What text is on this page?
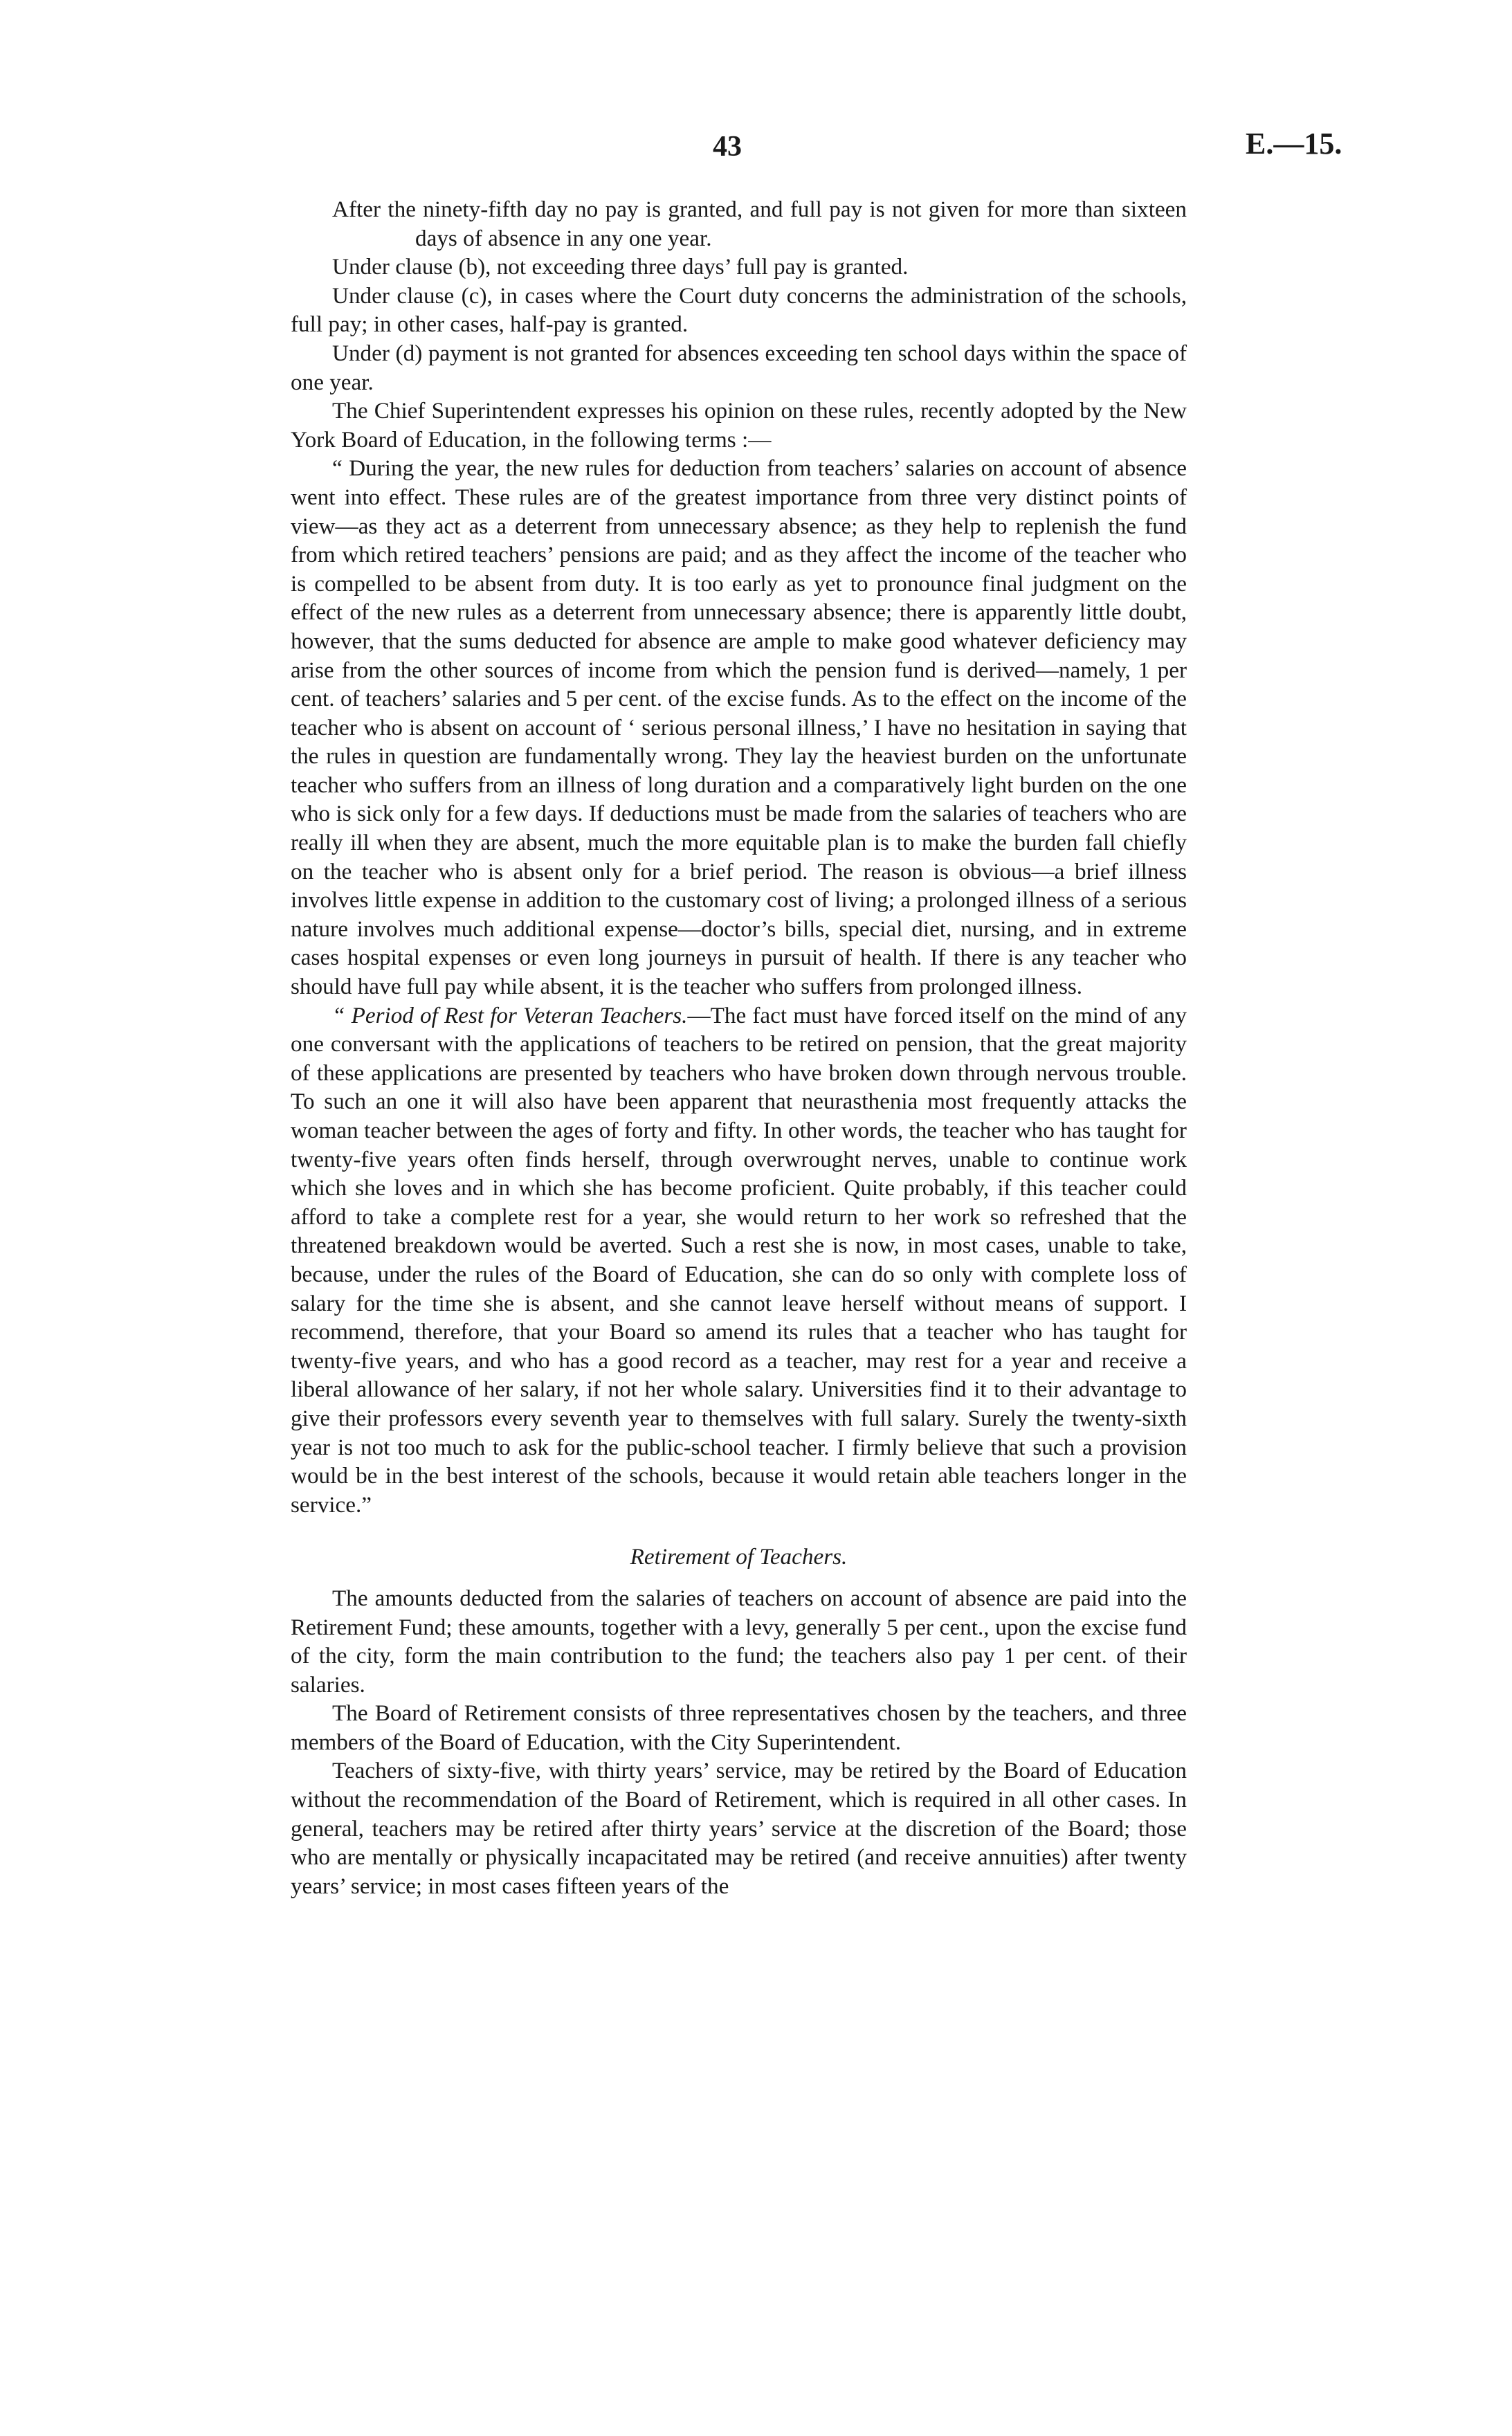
43	E.—15.

After the ninety-fifth day no pay is granted, and full pay is not given for more than sixteen days of absence in any one year.

Under clause (b), not exceeding three days’ full pay is granted.

Under clause (c), in cases where the Court duty concerns the administration of the schools, full pay; in other cases, half-pay is granted.

Under (d) payment is not granted for absences exceeding ten school days within the space of one year.

The Chief Superintendent expresses his opinion on these rules, recently adopted by the New York Board of Education, in the following terms :—

“ During the year, the new rules for deduction from teachers’ salaries on account of absence went into effect. These rules are of the greatest importance from three very distinct points of view—as they act as a deterrent from unnecessary absence; as they help to replenish the fund from which retired teachers’ pensions are paid; and as they affect the income of the teacher who is compelled to be absent from duty. It is too early as yet to pronounce final judgment on the effect of the new rules as a deterrent from unnecessary absence; there is apparently little doubt, however, that the sums deducted for absence are ample to make good whatever deficiency may arise from the other sources of income from which the pension fund is derived—namely, 1 per cent. of teachers’ salaries and 5 per cent. of the excise funds. As to the effect on the income of the teacher who is absent on account of ‘ serious personal illness,’ I have no hesitation in saying that the rules in question are fundamentally wrong. They lay the heaviest burden on the unfortunate teacher who suffers from an illness of long duration and a comparatively light burden on the one who is sick only for a few days. If deductions must be made from the salaries of teachers who are really ill when they are absent, much the more equitable plan is to make the burden fall chiefly on the teacher who is absent only for a brief period. The reason is obvious—a brief illness involves little expense in addition to the customary cost of living; a prolonged illness of a serious nature involves much additional expense—doctor’s bills, special diet, nursing, and in extreme cases hospital expenses or even long journeys in pursuit of health. If there is any teacher who should have full pay while absent, it is the teacher who suffers from prolonged illness.

“ Period of Rest for Veteran Teachers.—The fact must have forced itself on the mind of any one conversant with the applications of teachers to be retired on pension, that the great majority of these applications are presented by teachers who have broken down through nervous trouble. To such an one it will also have been apparent that neurasthenia most frequently attacks the woman teacher between the ages of forty and fifty. In other words, the teacher who has taught for twenty-five years often finds herself, through overwrought nerves, unable to continue work which she loves and in which she has become proficient. Quite probably, if this teacher could afford to take a complete rest for a year, she would return to her work so refreshed that the threatened breakdown would be averted. Such a rest she is now, in most cases, unable to take, because, under the rules of the Board of Education, she can do so only with complete loss of salary for the time she is absent, and she cannot leave herself without means of support. I recommend, therefore, that your Board so amend its rules that a teacher who has taught for twenty-five years, and who has a good record as a teacher, may rest for a year and receive a liberal allowance of her salary, if not her whole salary. Universities find it to their advantage to give their professors every seventh year to themselves with full salary. Surely the twenty-sixth year is not too much to ask for the public-school teacher. I firmly believe that such a provision would be in the best interest of the schools, because it would retain able teachers longer in the service.”

Retirement of Teachers.

The amounts deducted from the salaries of teachers on account of absence are paid into the Retirement Fund; these amounts, together with a levy, generally 5 per cent., upon the excise fund of the city, form the main contribution to the fund; the teachers also pay 1 per cent. of their salaries.

The Board of Retirement consists of three representatives chosen by the teachers, and three members of the Board of Education, with the City Superintendent.

Teachers of sixty-five, with thirty years’ service, may be retired by the Board of Education without the recommendation of the Board of Retirement, which is required in all other cases. In general, teachers may be retired after thirty years’ service at the discretion of the Board; those who are mentally or physically incapacitated may be retired (and receive annuities) after twenty years’ service; in most cases fifteen years of the
